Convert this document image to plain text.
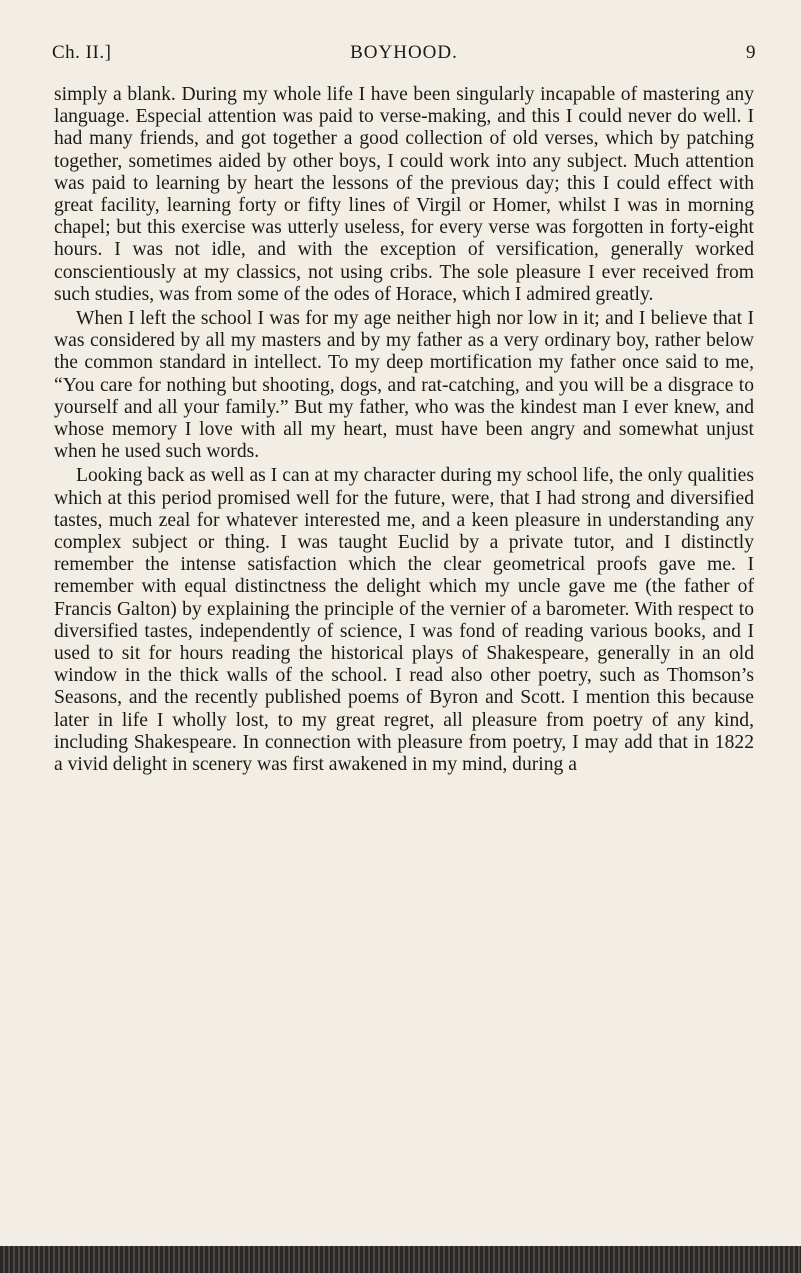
Ch. II.]	BOYHOOD.	9

simply a blank. During my whole life I have been singularly incapable of mastering any language. Especial attention was paid to verse-making, and this I could never do well. I had many friends, and got together a good collection of old verses, which by patching together, sometimes aided by other boys, I could work into any subject. Much attention was paid to learning by heart the lessons of the previous day; this I could effect with great facility, learning forty or fifty lines of Virgil or Homer, whilst I was in morning chapel; but this exercise was utterly useless, for every verse was forgotten in forty-eight hours. I was not idle, and with the exception of versification, generally worked conscientiously at my classics, not using cribs. The sole pleasure I ever received from such studies, was from some of the odes of Horace, which I admired greatly.

When I left the school I was for my age neither high nor low in it; and I believe that I was considered by all my masters and by my father as a very ordinary boy, rather below the common standard in intellect. To my deep mortification my father once said to me, “You care for nothing but shooting, dogs, and rat-catching, and you will be a disgrace to yourself and all your family.” But my father, who was the kindest man I ever knew, and whose memory I love with all my heart, must have been angry and somewhat unjust when he used such words.

Looking back as well as I can at my character during my school life, the only qualities which at this period promised well for the future, were, that I had strong and diversified tastes, much zeal for whatever interested me, and a keen pleasure in understanding any complex subject or thing. I was taught Euclid by a private tutor, and I distinctly remember the intense satisfaction which the clear geometrical proofs gave me. I remember with equal distinctness the delight which my uncle gave me (the father of Francis Galton) by explaining the principle of the vernier of a barometer. With respect to diversified tastes, independently of science, I was fond of reading various books, and I used to sit for hours reading the historical plays of Shakespeare, generally in an old window in the thick walls of the school. I read also other poetry, such as Thomson’s Seasons, and the recently published poems of Byron and Scott. I mention this because later in life I wholly lost, to my great regret, all pleasure from poetry of any kind, including Shakespeare. In connection with pleasure from poetry, I may add that in 1822 a vivid delight in scenery was first awakened in my mind, during a
